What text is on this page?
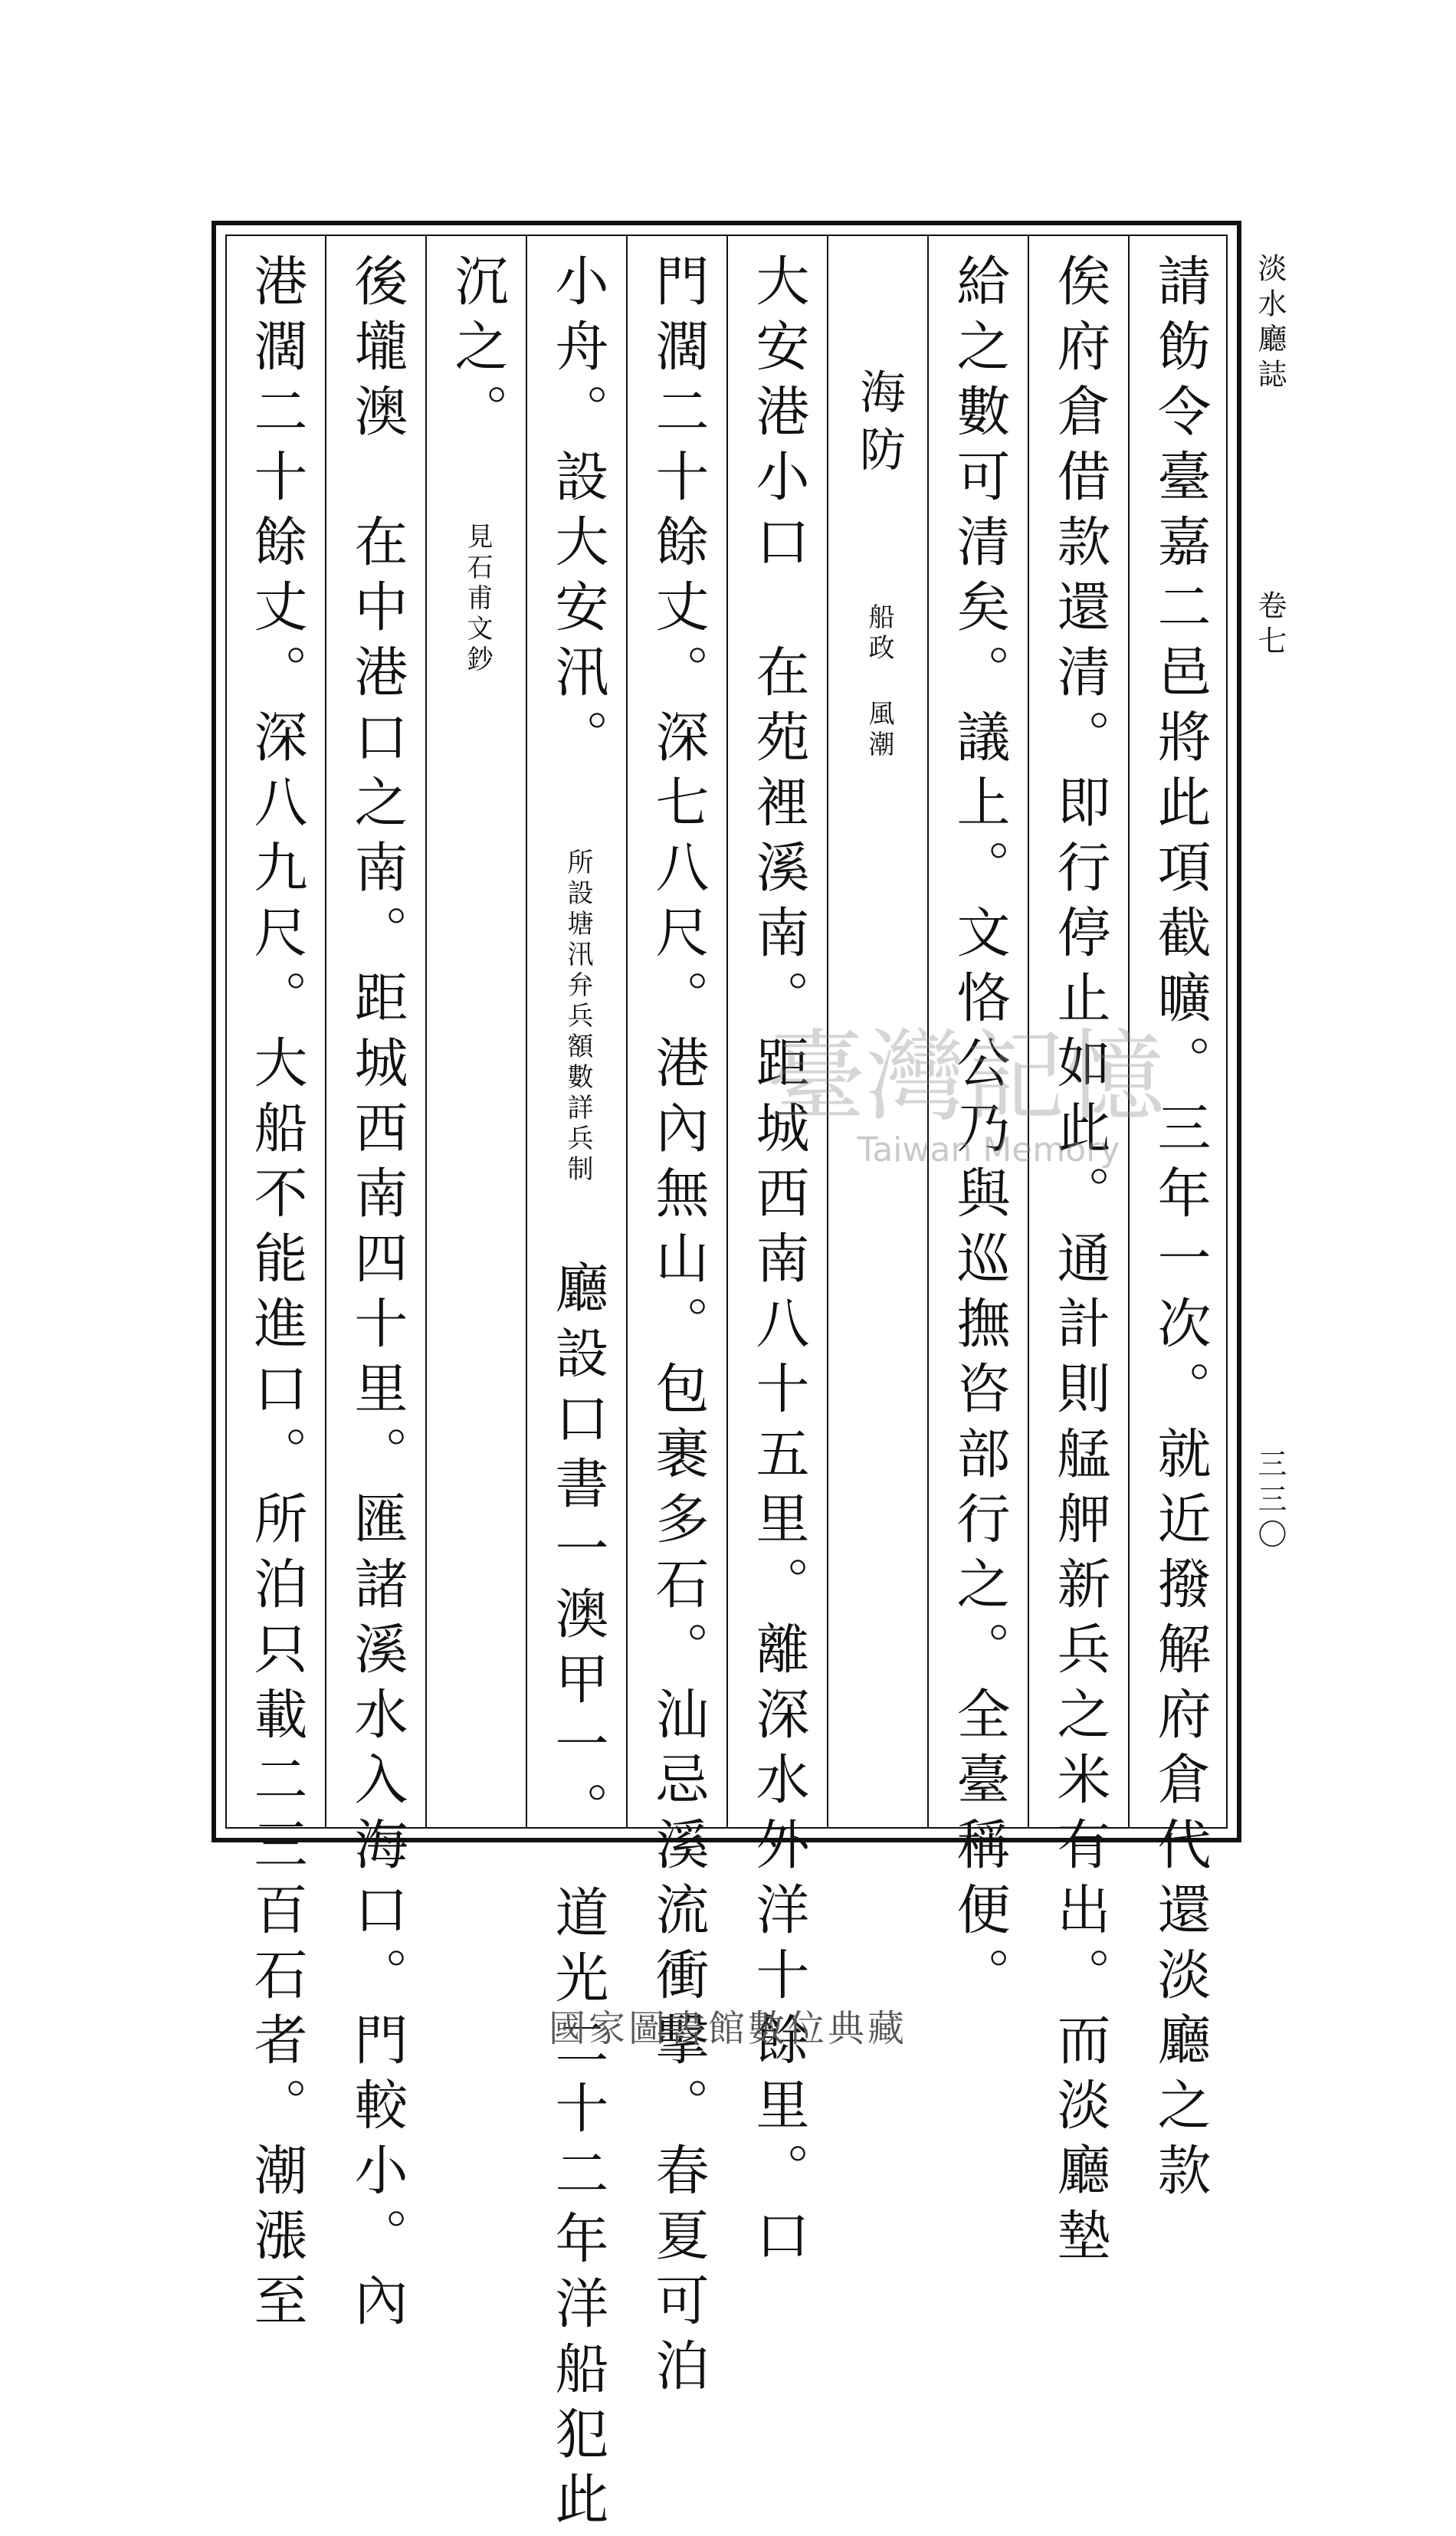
淡水廳誌
卷七
三三〇
請飭令臺嘉二邑將此項截曠。三年一次。就近撥解府倉代還淡廳之款
俟府倉借款還清。即行停止如此。通計則艋舺新兵之米有出。而淡廳墊
給之數可清矣。議上。文恪公乃與巡撫咨部行之。全臺稱便。
海防 船政 風潮
大安港小口　在苑裡溪南。距城西南八十五里。離深水外洋十餘里。口
門濶二十餘丈。深七八尺。港內無山。包裹多石。汕忌溪流衝擊。春夏可泊
小舟。設大安汛。 所設塘汛弁兵額數詳兵制 廳設口書一澳甲一。　道光二十二年洋船犯此
沉之。 見石甫文鈔
後壠澳　在中港口之南。距城西南四十里。匯諸溪水入海口。門較小。內
港濶二十餘丈。深八九尺。大船不能進口。所泊只載二三百石者。潮漲至	臺灣記憶
Taiwan Memory
國家圖書館數位典藏
